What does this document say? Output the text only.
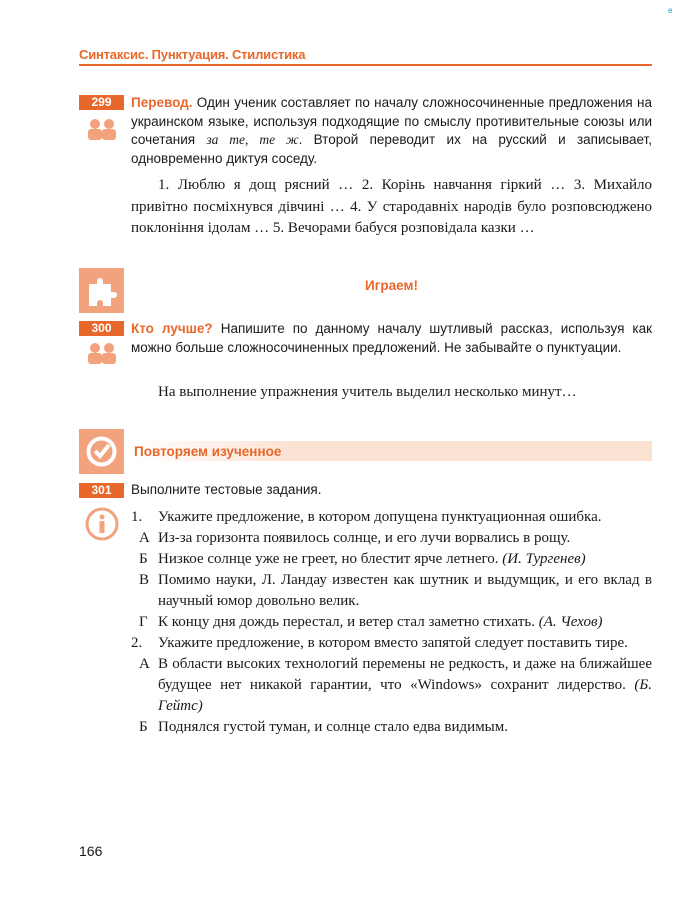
e
Синтаксис. Пунктуация. Стилистика
299	Перевод. Один ученик составляет по началу сложносочиненные предложения на украинском языке, используя подходящие по смыслу противительные союзы или сочетания за те, те ж. Второй переводит их на русский и записывает, одновременно диктуя соседу.

1. Люблю я дощ рясний … 2. Корінь навчання гіркий … 3. Михайло привітно посміхнувся дівчині … 4. У стародавніх народів було розповсюджено поклоніння ідолам … 5. Вечорами бабуся розповідала казки …

Играем!
300	Кто лучше? Напишите по данному началу шутливый рассказ, используя как можно больше сложносочиненных предложений. Не забывайте о пунктуации.
На выполнение упражнения учитель выделил несколько минут…
Повторяем изученное
301	Выполните тестовые задания.
1. Укажите предложение, в котором допущена пунктуационная ошибка.
А Из-за горизонта появилось солнце, и его лучи ворвались в рощу.
Б Низкое солнце уже не греет, но блестит ярче летнего. (И. Тургенев)
В Помимо науки, Л. Ландау известен как шутник и выдумщик, и его вклад в научный юмор довольно велик.
Г К концу дня дождь перестал, и ветер стал заметно стихать. (А. Чехов)
2. Укажите предложение, в котором вместо запятой следует поставить тире.
А В области высоких технологий перемены не редкость, и даже на ближайшее будущее нет никакой гарантии, что «Windows» сохранит лидерство. (Б. Гейтс)
Б Поднялся густой туман, и солнце стало едва видимым.
166
